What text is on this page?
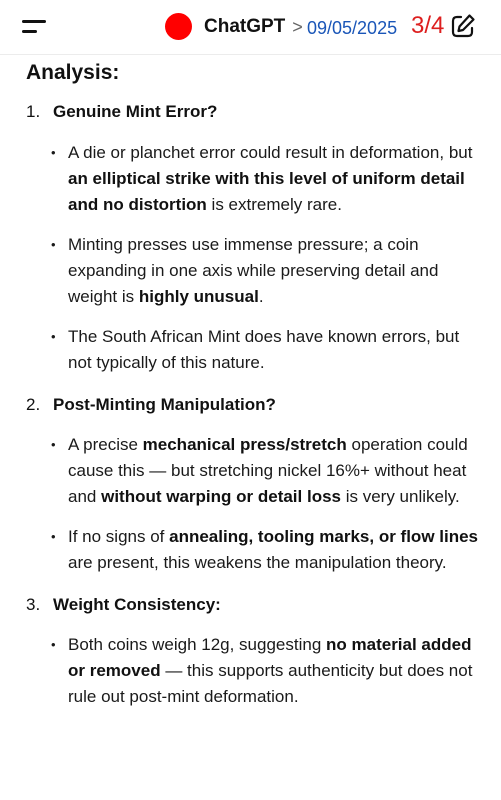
ChatGPT > 09/05/2025 3/4
Analysis:
1. Genuine Mint Error?
• A die or planchet error could result in deformation, but an elliptical strike with this level of uniform detail and no distortion is extremely rare.
• Minting presses use immense pressure; a coin expanding in one axis while preserving detail and weight is highly unusual.
• The South African Mint does have known errors, but not typically of this nature.
2. Post-Minting Manipulation?
• A precise mechanical press/stretch operation could cause this — but stretching nickel 16%+ without heat and without warping or detail loss is very unlikely.
• If no signs of annealing, tooling marks, or flow lines are present, this weakens the manipulation theory.
3. Weight Consistency:
• Both coins weigh 12g, suggesting no material added or removed — this supports authenticity but does not rule out post-mint deformation.
